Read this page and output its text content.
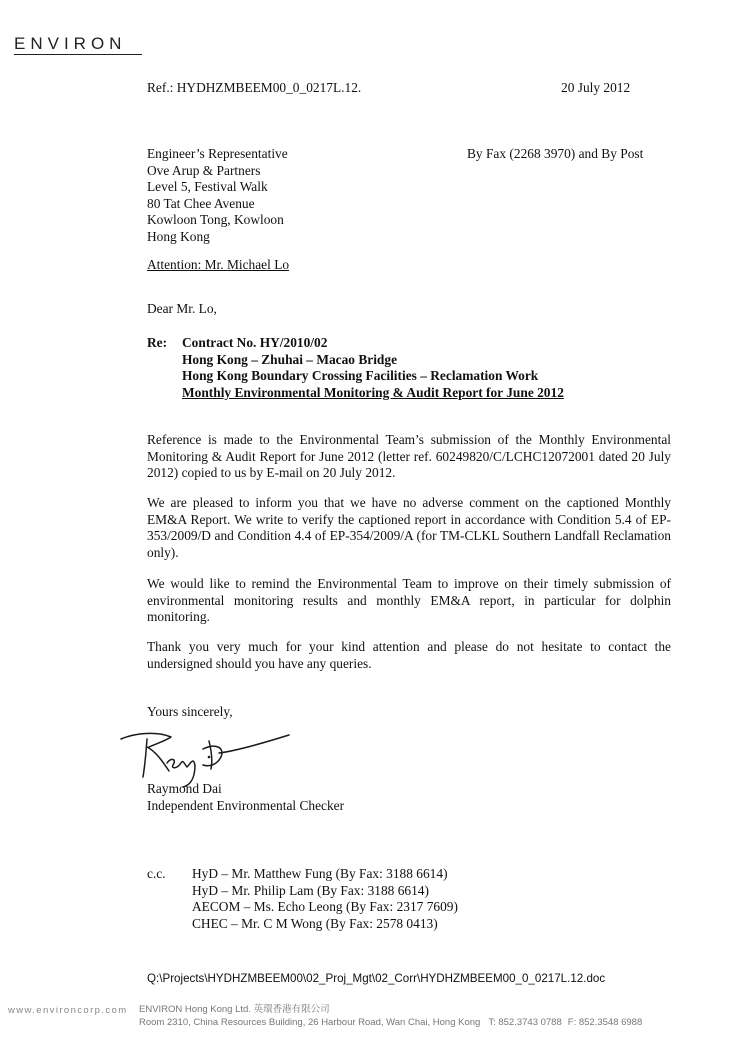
ENVIRON
Ref.: HYDHZMBEEM00_0_0217L.12.	20 July 2012
Engineer’s Representative
Ove Arup & Partners
Level 5, Festival Walk
80 Tat Chee Avenue
Kowloon Tong, Kowloon
Hong Kong
By Fax (2268 3970) and By Post
Attention: Mr. Michael Lo
Dear Mr. Lo,
Re: Contract No. HY/2010/02
Hong Kong – Zhuhai – Macao Bridge
Hong Kong Boundary Crossing Facilities – Reclamation Work
Monthly Environmental Monitoring & Audit Report for June 2012
Reference is made to the Environmental Team’s submission of the Monthly Environmental Monitoring & Audit Report for June 2012 (letter ref. 60249820/C/LCHC12072001 dated 20 July 2012) copied to us by E-mail on 20 July 2012.
We are pleased to inform you that we have no adverse comment on the captioned Monthly EM&A Report. We write to verify the captioned report in accordance with Condition 5.4 of EP-353/2009/D and Condition 4.4 of EP-354/2009/A (for TM-CLKL Southern Landfall Reclamation only).
We would like to remind the Environmental Team to improve on their timely submission of environmental monitoring results and monthly EM&A report, in particular for dolphin monitoring.
Thank you very much for your kind attention and please do not hesitate to contact the undersigned should you have any queries.
Yours sincerely,
Raymond Dai
Independent Environmental Checker
c.c. HyD – Mr. Matthew Fung (By Fax: 3188 6614)
HyD – Mr. Philip Lam (By Fax: 3188 6614)
AECOM – Ms. Echo Leong (By Fax: 2317 7609)
CHEC – Mr. C M Wong (By Fax: 2578 0413)
Q:\Projects\HYDHZMBEEM00\02_Proj_Mgt\02_Corr\HYDHZMBEEM00_0_0217L.12.doc
www.environcorp.com ENVIRON Hong Kong Ltd. 英環香港有限公司
Room 2310, China Resources Building, 26 Harbour Road, Wan Chai, Hong Kong T: 852.3743 0788 F: 852.3548 6988
